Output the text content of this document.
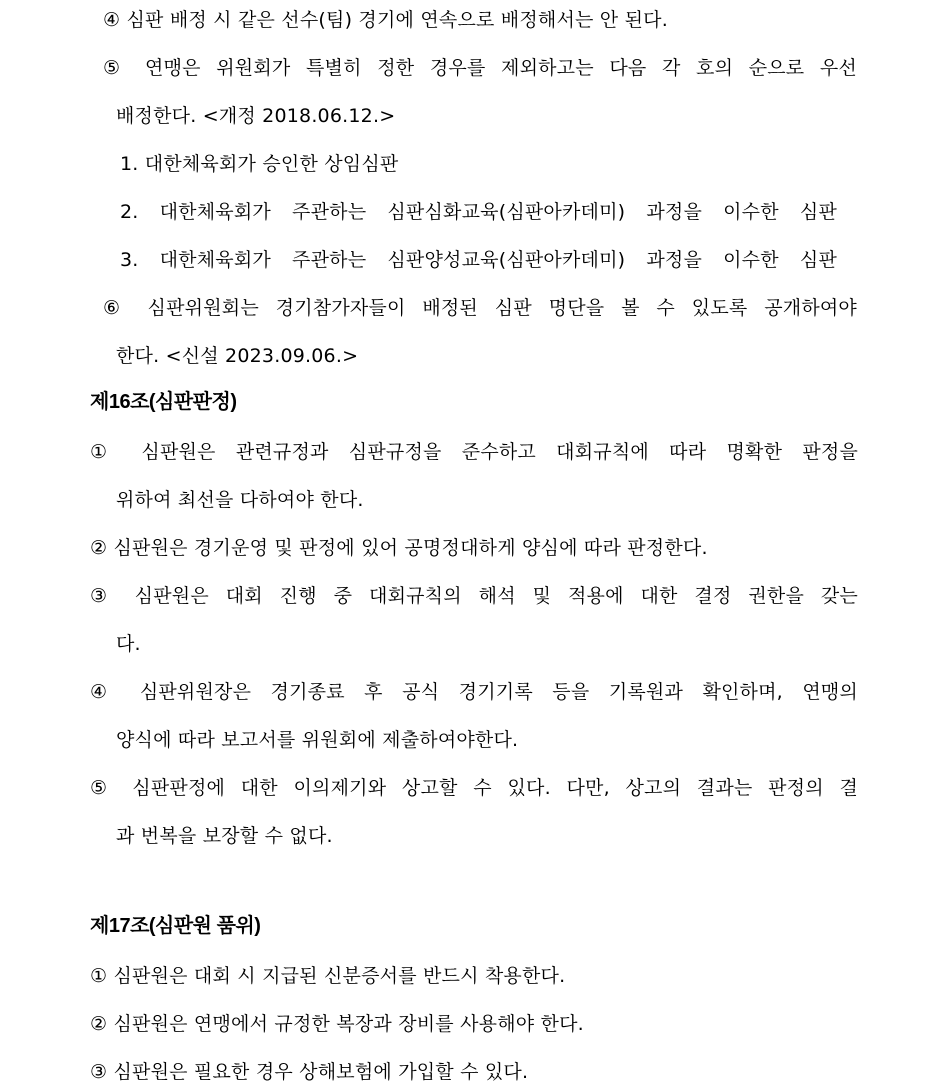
④ 심판 배정 시 같은 선수(팀) 경기에 연속으로 배정해서는 안 된다.
⑤ 연맹은 위원회가 특별히 정한 경우를 제외하고는 다음 각 호의 순으로 우선
배정한다. <개정 2018.06.12.>
1. 대한체육회가 승인한 상임심판
2. 대한체육회가 주관하는 심판심화교육(심판아카데미) 과정을 이수한 심판
3. 대한체육회가 주관하는 심판양성교육(심판아카데미) 과정을 이수한 심판
⑥ 심판위원회는 경기참가자들이 배정된 심판 명단을 볼 수 있도록 공개하여야
한다. <신설 2023.09.06.>
제16조(심판판정)
① 심판원은 관련규정과 심판규정을 준수하고 대회규칙에 따라 명확한 판정을
위하여 최선을 다하여야 한다.
② 심판원은 경기운영 및 판정에 있어 공명정대하게 양심에 따라 판정한다.
③ 심판원은 대회 진행 중 대회규칙의 해석 및 적용에 대한 결정 권한을 갖는
다.
④ 심판위원장은 경기종료 후 공식 경기기록 등을 기록원과 확인하며, 연맹의
양식에 따라 보고서를 위원회에 제출하여야한다.
⑤ 심판판정에 대한 이의제기와 상고할 수 있다. 다만, 상고의 결과는 판정의 결
과 번복을 보장할 수 없다.
제17조(심판원 품위)
① 심판원은 대회 시 지급된 신분증서를 반드시 착용한다.
② 심판원은 연맹에서 규정한 복장과 장비를 사용해야 한다.
③ 심판원은 필요한 경우 상해보험에 가입할 수 있다.
